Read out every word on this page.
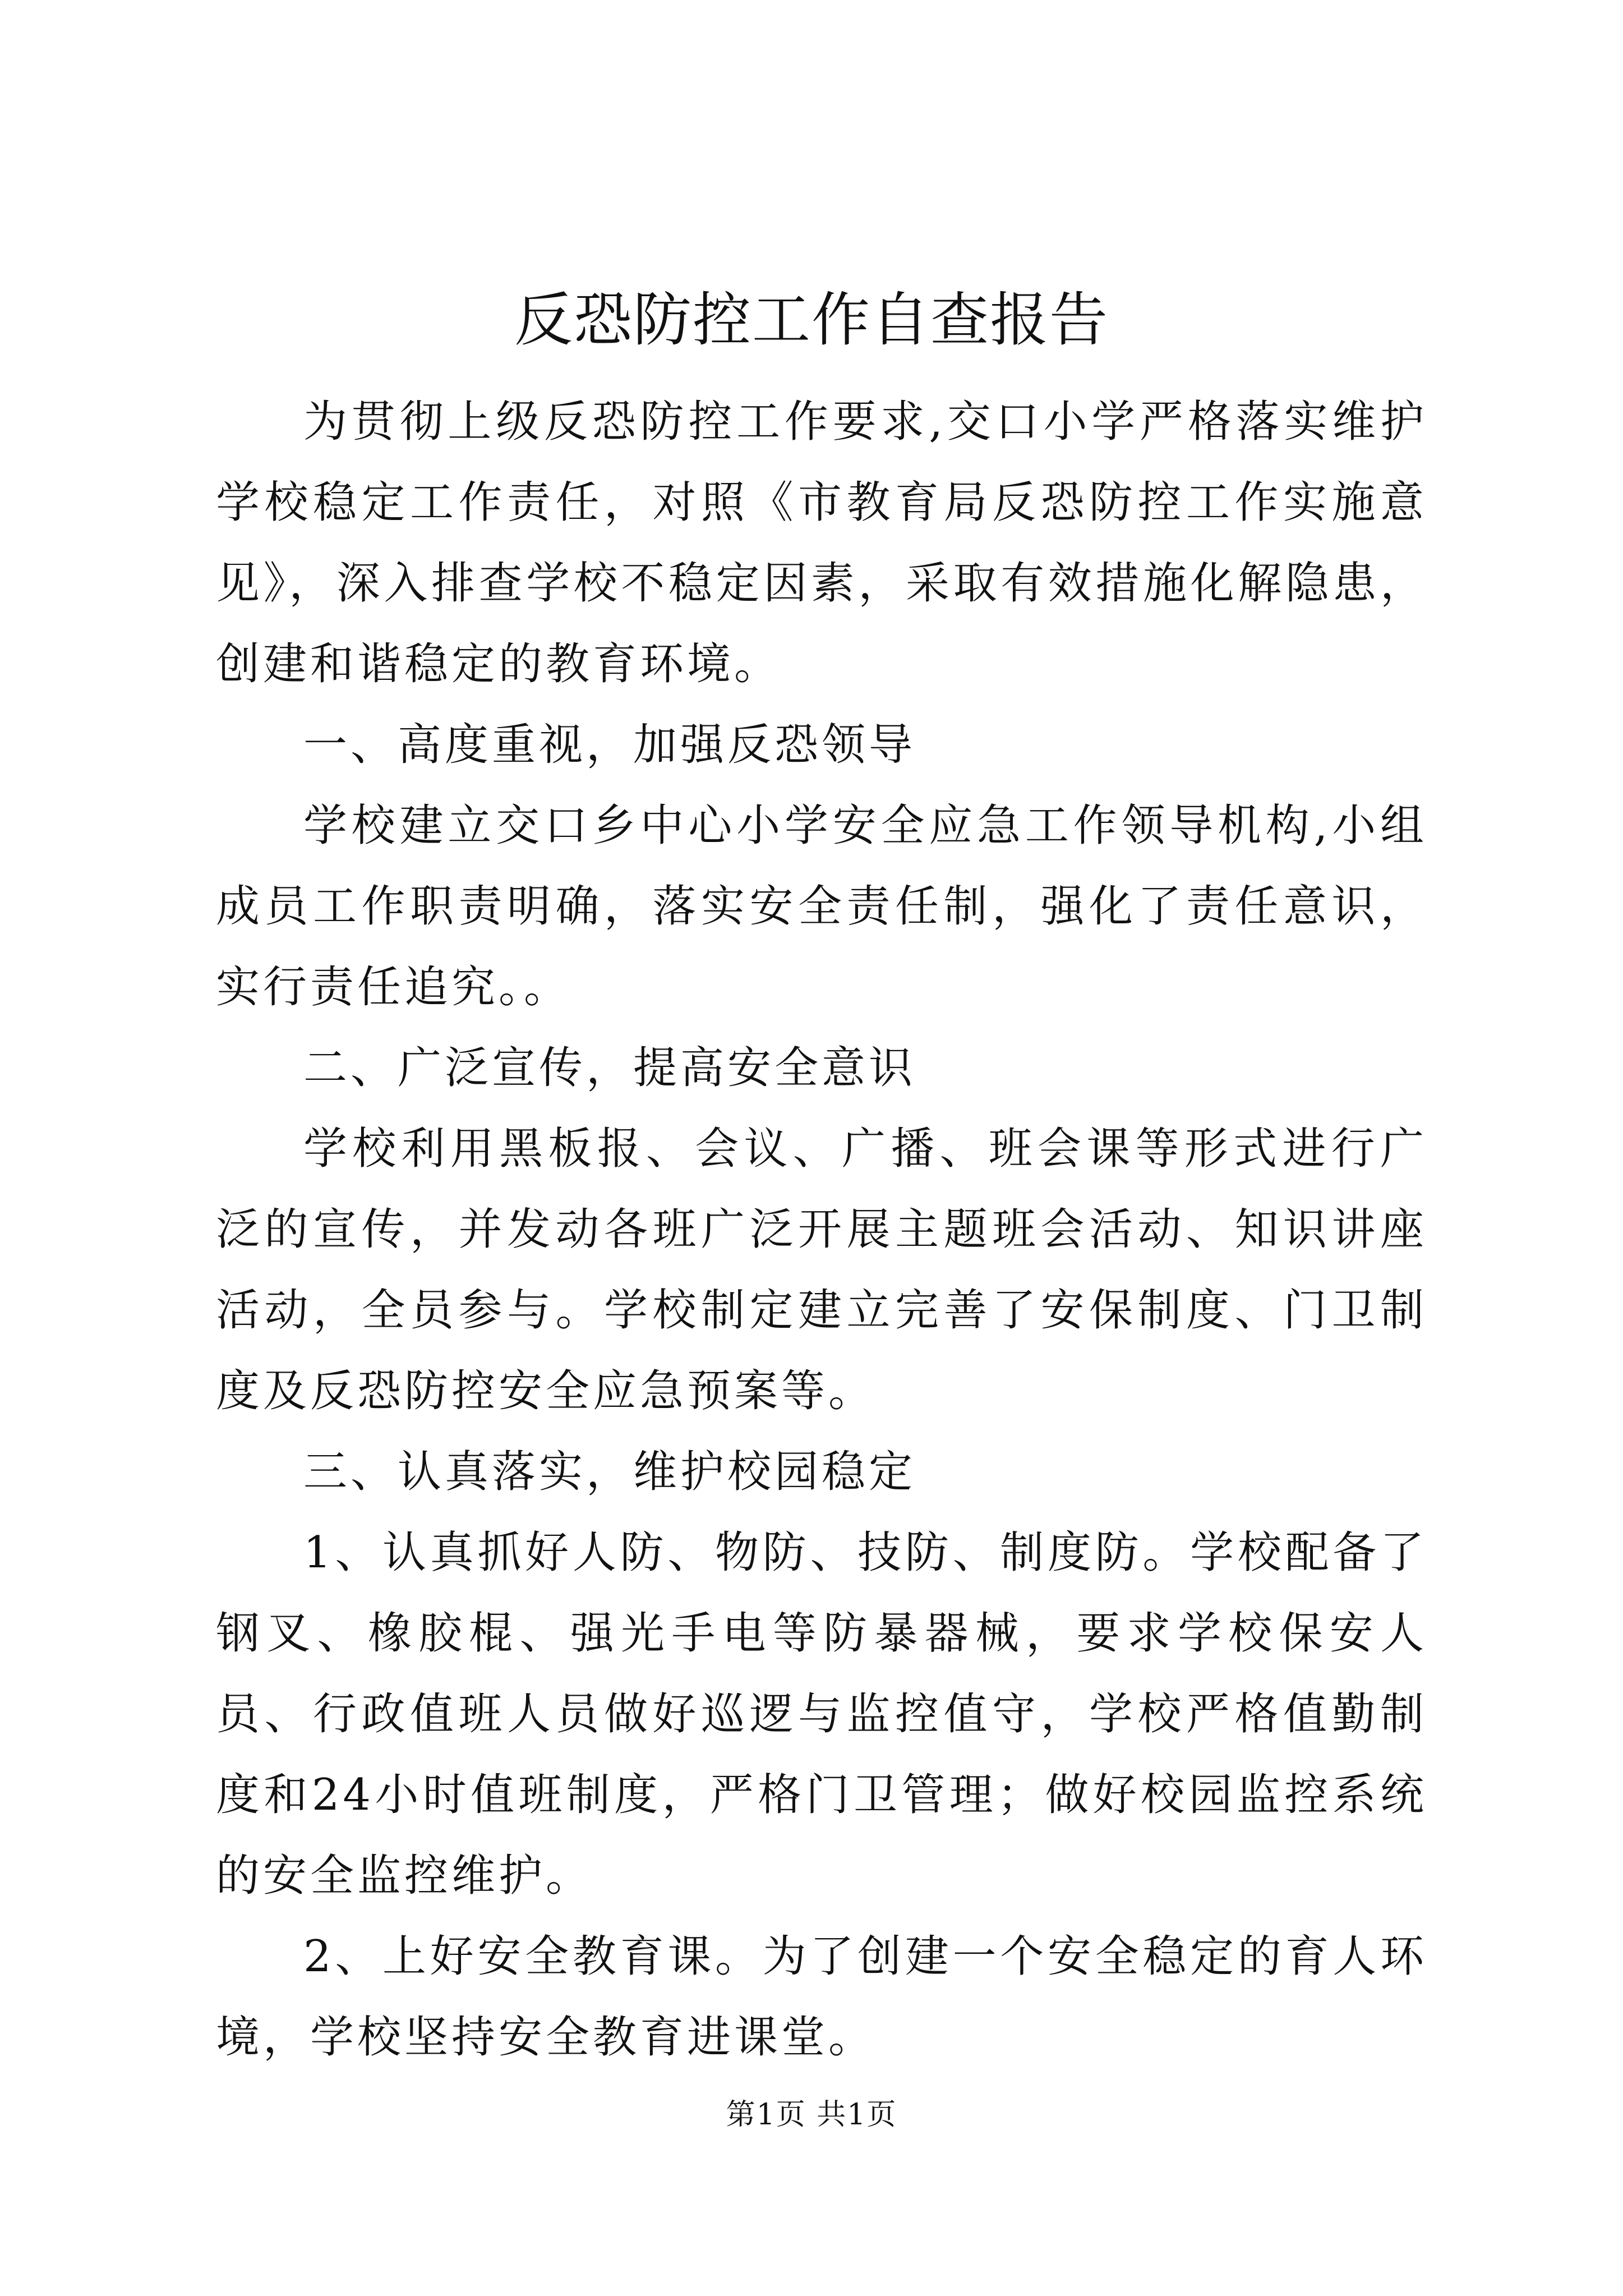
反恐防控工作自查报告

为贯彻上级反恐防控工作要求,交口小学严格落实维护学校稳定工作责任，对照《市教育局反恐防控工作实施意见》，深入排查学校不稳定因素，采取有效措施化解隐患，创建和谐稳定的教育环境。

一、高度重视，加强反恐领导

学校建立交口乡中心小学安全应急工作领导机构,小组成员工作职责明确，落实安全责任制，强化了责任意识，实行责任追究。。

二、广泛宣传，提高安全意识

学校利用黑板报、会议、广播、班会课等形式进行广泛的宣传，并发动各班广泛开展主题班会活动、知识讲座活动，全员参与。学校制定建立完善了安保制度、门卫制度及反恐防控安全应急预案等。

三、认真落实，维护校园稳定

1、认真抓好人防、物防、技防、制度防。学校配备了钢叉、橡胶棍、强光手电等防暴器械，要求学校保安人员、行政值班人员做好巡逻与监控值守，学校严格值勤制度和24小时值班制度，严格门卫管理；做好校园监控系统的安全监控维护。

2、上好安全教育课。为了创建一个安全稳定的育人环境，学校坚持安全教育进课堂。

第1页 共1页
